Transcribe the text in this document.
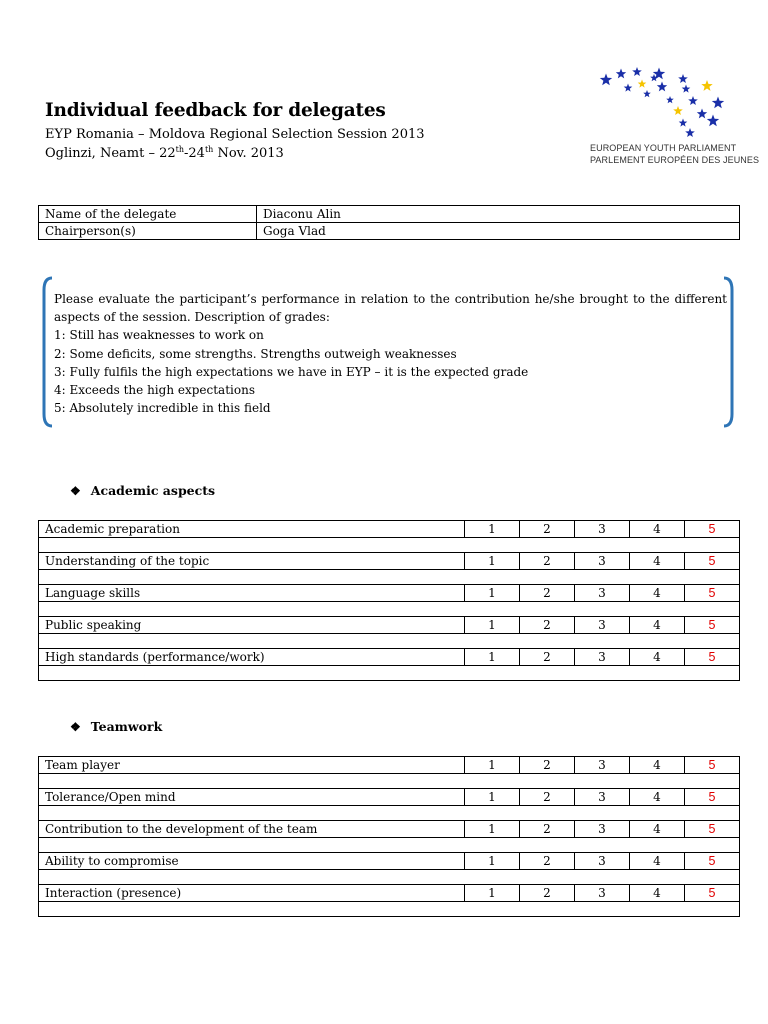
Individual feedback for delegates
EYP Romania – Moldova Regional Selection Session 2013
Oglinzi, Neamt – 22th-24th Nov. 2013	EUROPEAN YOUTH PARLIAMENT
PARLEMENT EUROPÉEN DES JEUNES
Name of the delegate	Diaconu Alin
Chairperson(s)	Goga Vlad

Please evaluate the participant’s performance in relation to the contribution he/she brought to the different aspects of the session. Description of grades:

1: Still has weaknesses to work on

2: Some deficits, some strengths. Strengths outweigh weaknesses

3: Fully fulfils the high expectations we have in EYP – it is the expected grade

4: Exceeds the high expectations

5: Absolutely incredible in this field

❖ Academic aspects
Academic preparation	1	2	3	4	5

Understanding of the topic	1	2	3	4	5

Language skills	1	2	3	4	5

Public speaking	1	2	3	4	5

High standards (performance/work)	1	2	3	4	5

❖ Teamwork
Team player	1	2	3	4	5

Tolerance/Open mind	1	2	3	4	5

Contribution to the development of the team	1	2	3	4	5

Ability to compromise	1	2	3	4	5

Interaction (presence)	1	2	3	4	5
